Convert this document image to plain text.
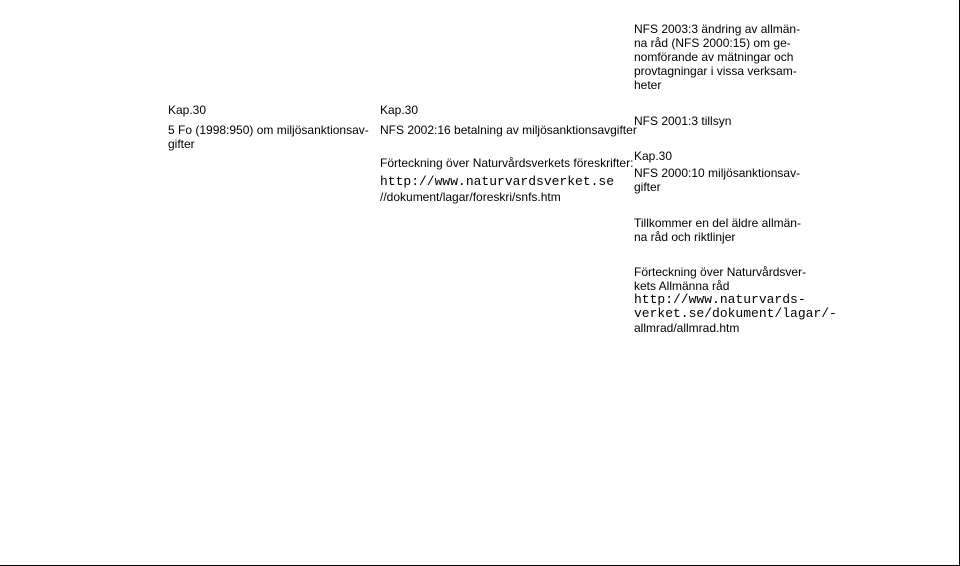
Kap.30
5 Fo (1998:950) om miljösanktionsav-
gifter
Kap.30
NFS 2002:16 betalning av miljösanktionsavgifter
Förteckning över Naturvårdsverkets föreskrifter:
http://www.naturvardsverket.se
//dokument/lagar/foreskri/snfs.htm
NFS 2003:3 ändring av allmän-
na råd (NFS 2000:15) om ge-
nomförande av mätningar och
provtagningar i vissa verksam-
heter
NFS 2001:3 tillsyn
Kap.30
NFS 2000:10 miljösanktionsav-
gifter
Tillkommer en del äldre allmän-
na råd och riktlinjer
Förteckning över Naturvårdsver-
kets Allmänna råd
http://www.naturvards-
verket.se/dokument/lagar/-
allmrad/allmrad.htm
